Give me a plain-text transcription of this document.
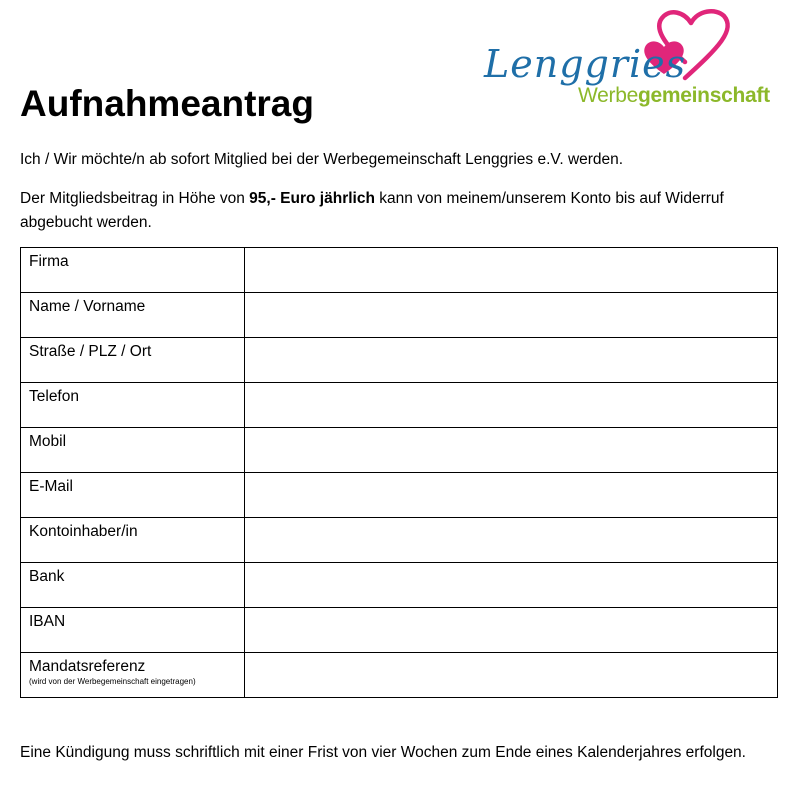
Lenggries
Werbegemeinschaft
Aufnahmeantrag

Ich / Wir möchte/n ab sofort Mitglied bei der Werbegemeinschaft Lenggries e.V. werden.

Der Mitgliedsbeitrag in Höhe von 95,- Euro jährlich kann von meinem/unserem Konto bis auf Widerruf abgebucht werden.

Firma	
Name / Vorname	
Straße / PLZ / Ort	
Telefon	
Mobil	
E-Mail	
Kontoinhaber/in	
Bank	
IBAN	
Mandatsreferenz
(wird von der Werbegemeinschaft eingetragen)	

Eine Kündigung muss schriftlich mit einer Frist von vier Wochen zum Ende eines Kalenderjahres erfolgen.
